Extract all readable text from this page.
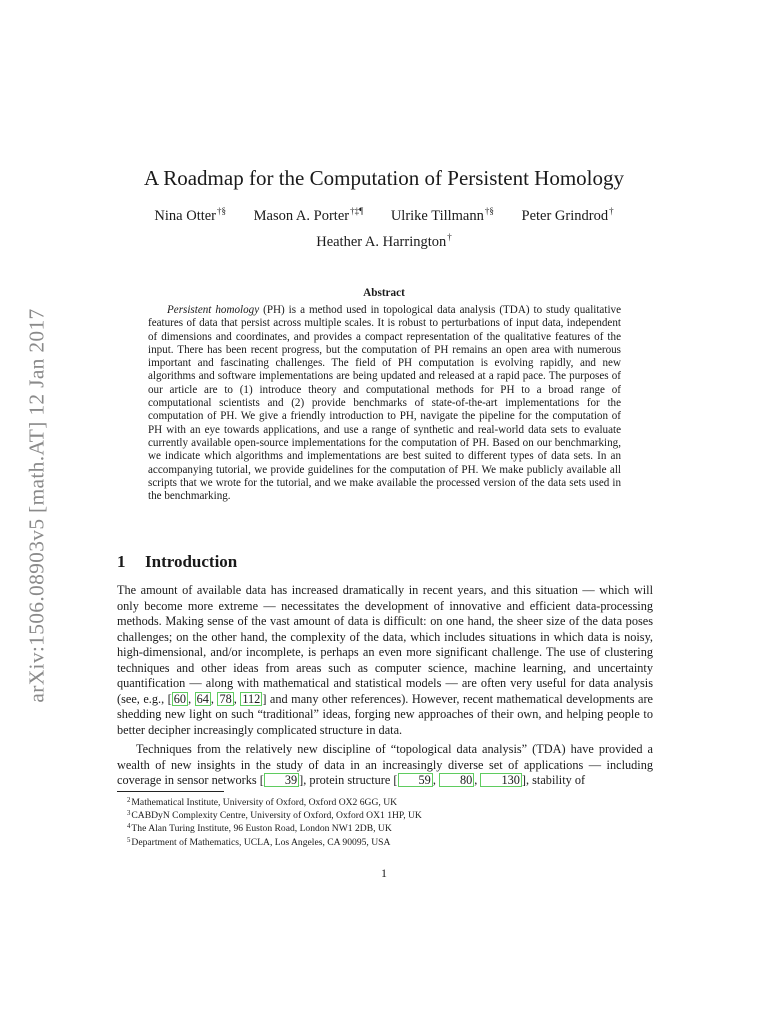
arXiv:1506.08903v5 [math.AT] 12 Jan 2017
A Roadmap for the Computation of Persistent Homology
Nina Otter†§ Mason A. Porter†‡¶ Ulrike Tillmann†§ Peter Grindrod†
Heather A. Harrington†
Abstract

Persistent homology (PH) is a method used in topological data analysis (TDA) to study qualitative features of data that persist across multiple scales. It is robust to perturbations of input data, independent of dimensions and coordinates, and provides a compact representation of the qualitative features of the input. There has been recent progress, but the computation of PH remains an open area with numerous important and fascinating challenges. The field of PH computation is evolving rapidly, and new algorithms and software implementations are being updated and released at a rapid pace. The purposes of our article are to (1) introduce theory and computational methods for PH to a broad range of computational scientists and (2) provide benchmarks of state-of-the-art implementations for the computation of PH. We give a friendly introduction to PH, navigate the pipeline for the computation of PH with an eye towards applications, and use a range of synthetic and real-world data sets to evaluate currently available open-source implementations for the computation of PH. Based on our benchmarking, we indicate which algorithms and implementations are best suited to different types of data sets. In an accompanying tutorial, we provide guidelines for the computation of PH. We make publicly available all scripts that we wrote for the tutorial, and we make available the processed version of the data sets used in the benchmarking.

1 Introduction

The amount of available data has increased dramatically in recent years, and this situation — which will only become more extreme — necessitates the development of innovative and efficient data-processing methods. Making sense of the vast amount of data is difficult: on one hand, the sheer size of the data poses challenges; on the other hand, the complexity of the data, which includes situations in which data is noisy, high-dimensional, and/or incomplete, is perhaps an even more significant challenge. The use of clustering techniques and other ideas from areas such as computer science, machine learning, and uncertainty quantification — along with mathematical and statistical models — are often very useful for data analysis (see, e.g., [ 60 , 64 , 78 , 112 ] and many other references). However, recent mathematical developments are shedding new light on such “traditional” ideas, forging new approaches of their own, and helping people to better decipher increasingly complicated structure in data.

Techniques from the relatively new discipline of “topological data analysis” (TDA) have provided a wealth of new insights in the study of data in an increasingly diverse set of applications — including coverage in sensor networks [ 39 ], protein structure [ 59 , 80 , 130 ], stability of

$^2$Mathematical Institute, University of Oxford, Oxford OX2 6GG, UK
$^3$CABDyN Complexity Centre, University of Oxford, Oxford OX1 1HP, UK
$^4$The Alan Turing Institute, 96 Euston Road, London NW1 2DB, UK
$^5$Department of Mathematics, UCLA, Los Angeles, CA 90095, USA
1
